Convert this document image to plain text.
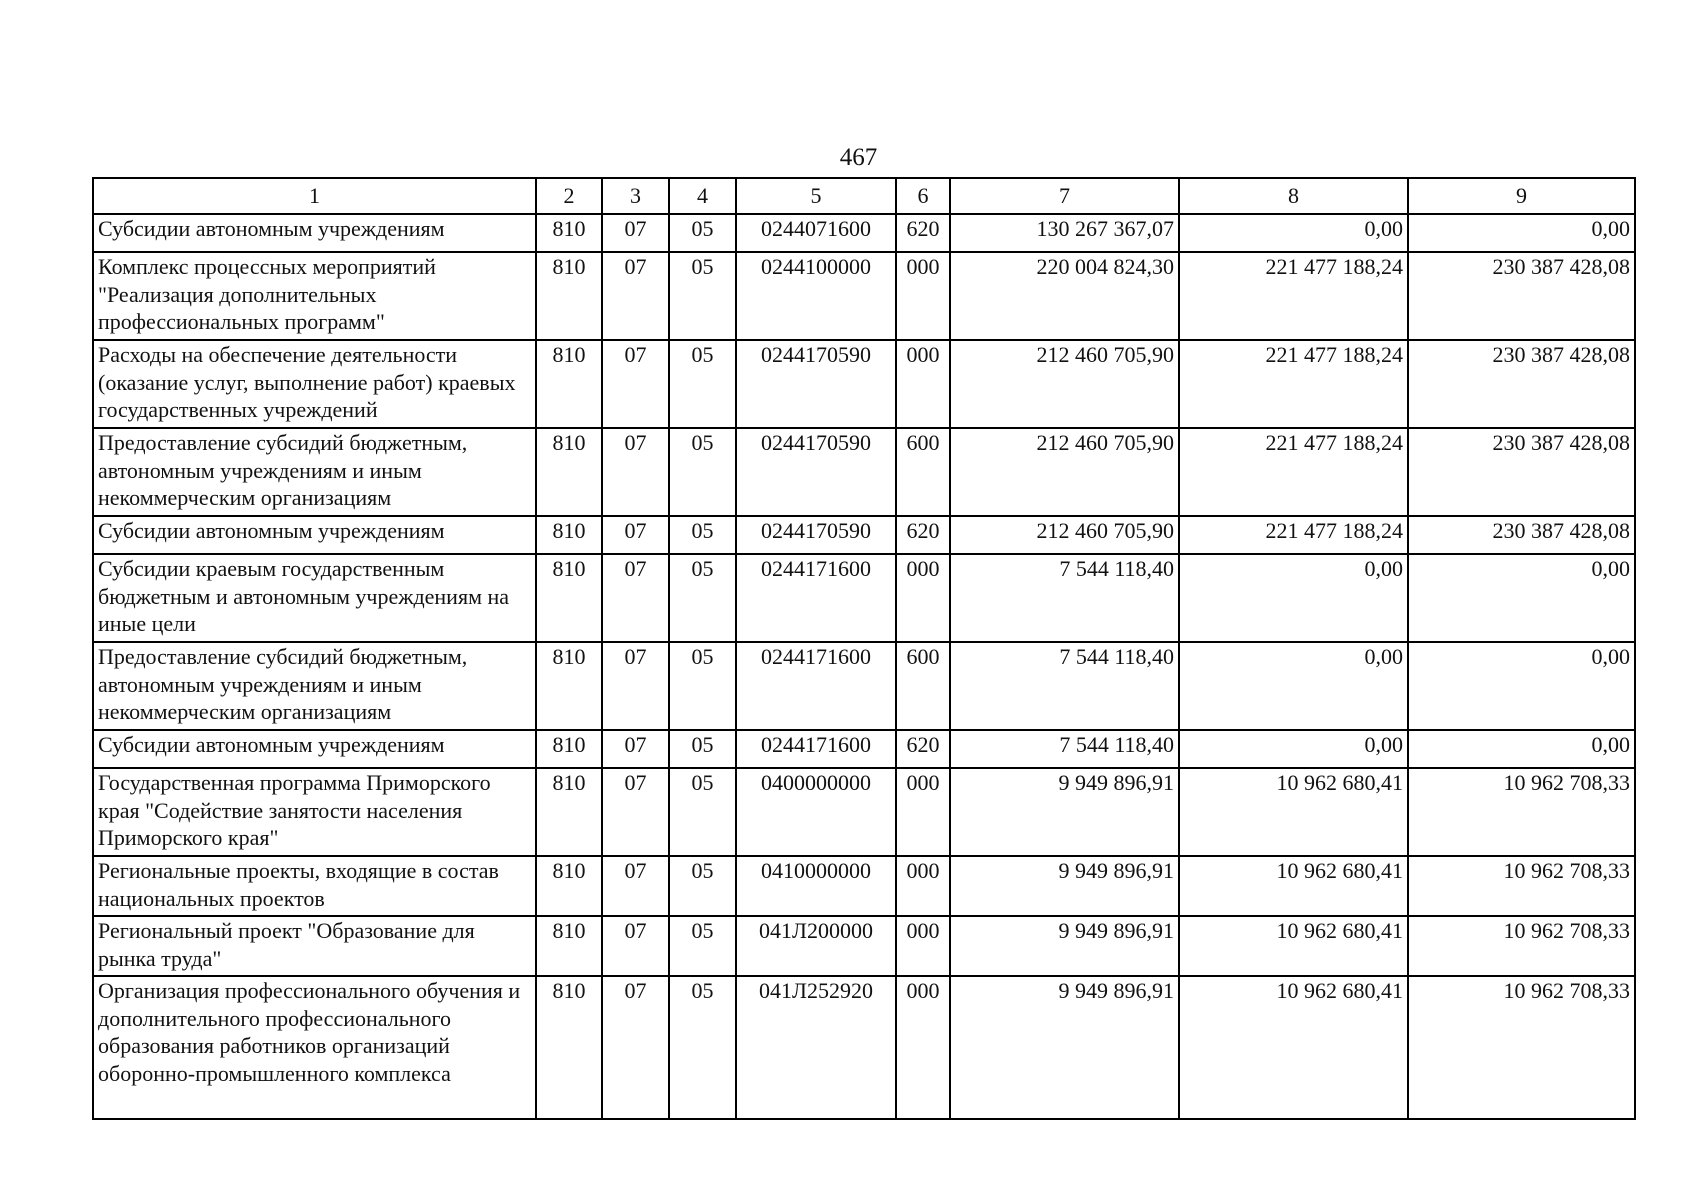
467
1	2	3	4	5	6	7	8	9
Субсидии автономным учреждениям	810	07	05	0244071600	620	130 267 367,07	0,00	0,00
Комплекс процессных мероприятий "Реализация дополнительных профессиональных программ"	810	07	05	0244100000	000	220 004 824,30	221 477 188,24	230 387 428,08
Расходы на обеспечение деятельности (оказание услуг, выполнение работ) краевых государственных учреждений	810	07	05	0244170590	000	212 460 705,90	221 477 188,24	230 387 428,08
Предоставление субсидий бюджетным, автономным учреждениям и иным некоммерческим организациям	810	07	05	0244170590	600	212 460 705,90	221 477 188,24	230 387 428,08
Субсидии автономным учреждениям	810	07	05	0244170590	620	212 460 705,90	221 477 188,24	230 387 428,08
Субсидии краевым государственным бюджетным и автономным учреждениям на иные цели	810	07	05	0244171600	000	7 544 118,40	0,00	0,00
Предоставление субсидий бюджетным, автономным учреждениям и иным некоммерческим организациям	810	07	05	0244171600	600	7 544 118,40	0,00	0,00
Субсидии автономным учреждениям	810	07	05	0244171600	620	7 544 118,40	0,00	0,00
Государственная программа Приморского края "Содействие занятости населения Приморского края"	810	07	05	0400000000	000	9 949 896,91	10 962 680,41	10 962 708,33
Региональные проекты, входящие в состав национальных проектов	810	07	05	0410000000	000	9 949 896,91	10 962 680,41	10 962 708,33
Региональный проект "Образование для рынка труда"	810	07	05	041Л200000	000	9 949 896,91	10 962 680,41	10 962 708,33
Организация профессионального обучения и дополнительного профессионального образования работников организаций оборонно-промышленного комплекса	810	07	05	041Л252920	000	9 949 896,91	10 962 680,41	10 962 708,33
